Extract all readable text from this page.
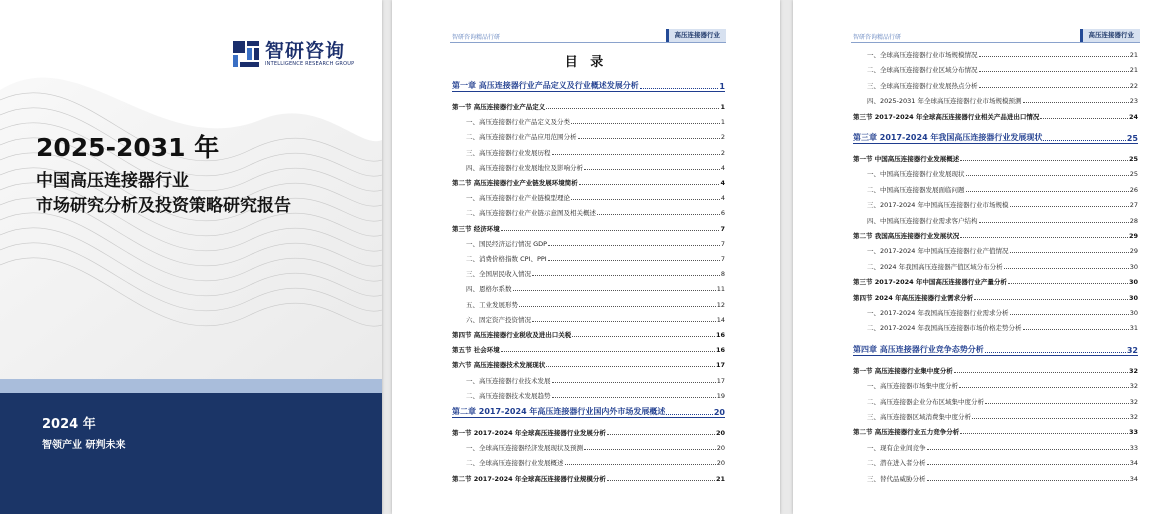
智研咨询
INTELLIGENCE RESEARCH GROUP
2025-2031 年
中国高压连接器行业
市场研究分析及投资策略研究报告
2024 年
智领产业 研判未来
智研咨询精品行研	高压连接器行业
目 录
第一章 高压连接器行业产品定义及行业概述发展分析	1
第一节 高压连接器行业产品定义	1
一、高压连接器行业产品定义及分类	1
二、高压连接器行业产品应用范围分析	2
三、高压连接器行业发展历程	2
四、高压连接器行业发展地位及影响分析	4
第二节 高压连接器行业产业链发展环境简析	4
一、高压连接器行业产业链模型理论	4
二、高压连接器行业产业链示意图及相关概述	6
第三节 经济环境	7
一、国民经济运行情况 GDP	7
二、消费价格指数 CPI、PPI	7
三、全国居民收入情况	8
四、恩格尔系数	11
五、工业发展形势	12
六、固定资产投资情况	14
第四节 高压连接器行业税收及进出口关税	16
第五节 社会环境	16
第六节 高压连接器技术发展现状	17
一、高压连接器行业技术发展	17
二、高压连接器技术发展趋势	19
第二章 2017-2024 年高压连接器行业国内外市场发展概述	20
第一节 2017-2024 年全球高压连接器行业发展分析	20
一、全球高压连接器经济发展现状及预测	20
二、全球高压连接器行业发展概述	20
第二节 2017-2024 年全球高压连接器行业规模分析	21
智研咨询精品行研	高压连接器行业
一、全球高压连接器行业市场规模情况	21
二、全球高压连接器行业区域分布情况	21
三、全球高压连接器行业发展热点分析	22
四、2025-2031 年全球高压连接器行业市场规模预测	23
第三节 2017-2024 年全球高压连接器行业相关产品进出口情况	24
第三章 2017-2024 年我国高压连接器行业发展现状	25
第一节 中国高压连接器行业发展概述	25
一、中国高压连接器行业发展现状	25
二、中国高压连接器发展面临问题	26
三、2017-2024 年中国高压连接器行业市场规模	27
四、中国高压连接器行业需求客户结构	28
第二节 我国高压连接器行业发展状况	29
一、2017-2024 年中国高压连接器行业产值情况	29
二、2024 年我国高压连接器产值区域分布分析	30
第三节 2017-2024 年中国高压连接器行业产量分析	30
第四节 2024 年高压连接器行业需求分析	30
一、2017-2024 年我国高压连接器行业需求分析	30
二、2017-2024 年我国高压连接器市场价格走势分析	31
第四章 高压连接器行业竞争态势分析	32
第一节 高压连接器行业集中度分析	32
一、高压连接器市场集中度分析	32
二、高压连接器企业分布区域集中度分析	32
三、高压连接器区域消费集中度分析	32
第二节 高压连接器行业五力竞争分析	33
一、现有企业间竞争	33
二、潜在进入者分析	34
三、替代品威胁分析	34
